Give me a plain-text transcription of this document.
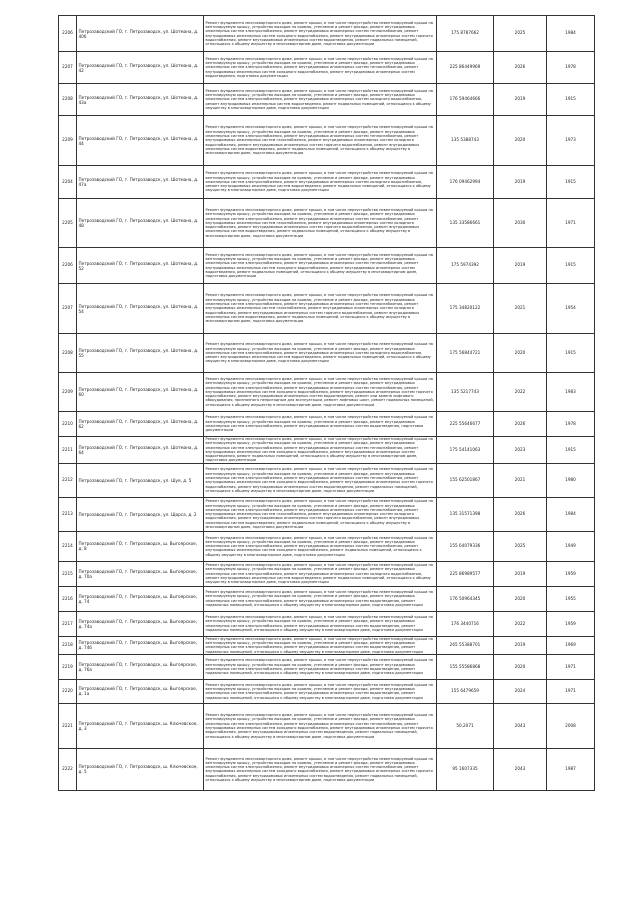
2206	Петрозаводский ГО, г. Петрозаводск, ул. Шотмана, д. 40б	Ремонт фундамента многоквартирного дома, ремонт крыши, в том числе переустройство невентилируемой крыши на вентилируемую крышу, устройство выходов на кровлю, утепление и ремонт фасада, ремонт внутридомовых инженерных систем электроснабжения, ремонт внутридомовых инженерных систем теплоснабжения, ремонт внутридомовых инженерных систем холодного водоснабжения, ремонт внутридомовых инженерных систем горячего водоснабжения, ремонт внутридомовых инженерных систем водоотведения, ремонт подвальных помещений, относящихся к общему имуществу в многоквартирном доме, подготовка документации	175 8787662	2025	1984
2207	Петрозаводский ГО, г. Петрозаводск, ул. Шотмана, д. 42	Ремонт фундамента многоквартирного дома, ремонт крыши, в том числе переустройство невентилируемой крыши на вентилируемую крышу, устройство выходов на кровлю, утепление и ремонт фасада, ремонт внутридомовых инженерных систем электроснабжения, ремонт внутридомовых инженерных систем теплоснабжения, ремонт внутридомовых инженерных систем холодного водоснабжения, ремонт внутридомовых инженерных систем водоотведения, подготовка документации	225 86449969	2026	1978
2208	Петрозаводский ГО, г. Петрозаводск, ул. Шотмана, д. 43а	Ремонт фундамента многоквартирного дома, ремонт крыши, в том числе переустройство невентилируемой крыши на вентилируемую крышу, устройство выходов на кровлю, утепление и ремонт фасада, ремонт внутридомовых инженерных систем электроснабжения, ремонт внутридомовых инженерных систем холодного водоснабжения, ремонт внутридомовых инженерных систем водоотведения, ремонт подвальных помещений, относящихся к общему имуществу в многоквартирном доме, подготовка документации	176 59464666	2019	1915
2209	Петрозаводский ГО, г. Петрозаводск, ул. Шотмана, д. 44	Ремонт фундамента многоквартирного дома, ремонт крыши, в том числе переустройство невентилируемой крыши на вентилируемую крышу, устройство выходов на кровлю, утепление и ремонт фасада, ремонт внутридомовых инженерных систем электроснабжения, ремонт внутридомовых инженерных систем теплоснабжения, ремонт внутридомовых инженерных систем газоснабжения, ремонт внутридомовых инженерных систем холодного водоснабжения, ремонт внутридомовых инженерных систем горячего водоснабжения, ремонт внутридомовых инженерных систем водоотведения, ремонт подвальных помещений, относящихся к общему имуществу в многоквартирном доме, подготовка документации	135 5388743	2020	1973
2204	Петрозаводский ГО, г. Петрозаводск, ул. Шотмана, д. 47а	Ремонт фундамента многоквартирного дома, ремонт крыши, в том числе переустройство невентилируемой крыши на вентилируемую крышу, устройство выходов на кровлю, утепление и ремонт фасада, ремонт внутридомовых инженерных систем электроснабжения, ремонт внутридомовых инженерных систем холодного водоснабжения, ремонт внутридомовых инженерных систем водоотведения, ремонт подвальных помещений, относящихся к общему имуществу в многоквартирном доме, подготовка документации	176 09462994	2019	1915
2205	Петрозаводский ГО, г. Петрозаводск, ул. Шотмана, д. 48	Ремонт фундамента многоквартирного дома, ремонт крыши, в том числе переустройство невентилируемой крыши на вентилируемую крышу, устройство выходов на кровлю, утепление и ремонт фасада, ремонт внутридомовых инженерных систем электроснабжения, ремонт внутридомовых инженерных систем теплоснабжения, ремонт внутридомовых инженерных систем газоснабжения, ремонт внутридомовых инженерных систем холодного водоснабжения, ремонт внутридомовых инженерных систем горячего водоснабжения, ремонт внутридомовых инженерных систем водоотведения, ремонт подвальных помещений, относящихся к общему имуществу в многоквартирном доме, подготовка документации	135 33586661	2030	1971
2206	Петрозаводский ГО, г. Петрозаводск, ул. Шотмана, д. 52	Ремонт фундамента многоквартирного дома, ремонт крыши, в том числе переустройство невентилируемой крыши на вентилируемую крышу, устройство выходов на кровлю, утепление и ремонт фасада, ремонт внутридомовых инженерных систем электроснабжения, ремонт внутридомовых инженерных систем теплоснабжения, ремонт внутридомовых инженерных систем холодного водоснабжения, ремонт внутридомовых инженерных систем водоотведения, ремонт подвальных помещений, относящихся к общему имуществу в многоквартирном доме, подготовка документации	175 5974392	2019	1915
2207	Петрозаводский ГО, г. Петрозаводск, ул. Шотмана, д. 54	Ремонт фундамента многоквартирного дома, ремонт крыши, в том числе переустройство невентилируемой крыши на вентилируемую крышу, устройство выходов на кровлю, утепление и ремонт фасада, ремонт внутридомовых инженерных систем электроснабжения, ремонт внутридомовых инженерных систем теплоснабжения, ремонт внутридомовых инженерных систем газоснабжения, ремонт внутридомовых инженерных систем холодного водоснабжения, ремонт внутридомовых инженерных систем горячего водоснабжения, ремонт внутридомовых инженерных систем водоотведения, ремонт подвальных помещений, относящихся к общему имуществу в многоквартирном доме, подготовка документации	175 34820122	2021	1954
2208	Петрозаводский ГО, г. Петрозаводск, ул. Шотмана, д. 55	Ремонт фундамента многоквартирного дома, ремонт крыши, в том числе переустройство невентилируемой крыши на вентилируемую крышу, устройство выходов на кровлю, утепление и ремонт фасада, ремонт внутридомовых инженерных систем электроснабжения, ремонт внутридомовых инженерных систем холодного водоснабжения, ремонт внутридомовых инженерных систем водоотведения, ремонт подвальных помещений, относящихся к общему имуществу в многоквартирном доме, подготовка документации	175 56844721	2020	1915
2209	Петрозаводский ГО, г. Петрозаводск, ул. Шотмана, д. 60	Ремонт фундамента многоквартирного дома, ремонт крыши, в том числе переустройство невентилируемой крыши на вентилируемую крышу, устройство выходов на кровлю, утепление и ремонт фасада, ремонт внутридомовых инженерных систем электроснабжения, ремонт внутридомовых инженерных систем теплоснабжения, ремонт внутридомовых инженерных систем холодного водоснабжения, ремонт внутридомовых инженерных систем горячего водоснабжения, ремонт внутридомовых инженерных систем водоотведения, ремонт или замена лифтового оборудования, признанного непригодным для эксплуатации, ремонт лифтовых шахт, ремонт подвальных помещений, относящихся к общему имуществу в многоквартирном доме, подготовка документации	135 5217743	2022	1983
2210	Петрозаводский ГО, г. Петрозаводск, ул. Шотмана, д. 62	Ремонт фундамента многоквартирного дома, ремонт крыши, в том числе переустройство невентилируемой крыши на вентилируемую крышу, устройство выходов на кровлю, утепление и ремонт фасада, ремонт внутридомовых инженерных систем электроснабжения, ремонт внутридомовых инженерных систем водоотведения, подготовка документации	225 55646677	2026	1978
2211	Петрозаводский ГО, г. Петрозаводск, ул. Шотмана, д. 64	Ремонт фундамента многоквартирного дома, ремонт крыши, в том числе переустройство невентилируемой крыши на вентилируемую крышу, устройство выходов на кровлю, утепление и ремонт фасада, ремонт внутридомовых инженерных систем электроснабжения, ремонт внутридомовых инженерных систем теплоснабжения, ремонт внутридомовых инженерных систем холодного водоснабжения, ремонт внутридомовых инженерных систем водоотведения, ремонт подвальных помещений, относящихся к общему имуществу в многоквартирном доме, подготовка документации	175 54141063	2023	1915
2212	Петрозаводский ГО, г. Петрозаводск, ул. Шуя, д. 5	Ремонт фундамента многоквартирного дома, ремонт крыши, в том числе переустройство невентилируемой крыши на вентилируемую крышу, устройство выходов на кровлю, утепление и ремонт фасада, ремонт внутридомовых инженерных систем электроснабжения, ремонт внутридомовых инженерных систем теплоснабжения, ремонт внутридомовых инженерных систем холодного водоснабжения, ремонт внутридомовых инженерных систем горячего водоснабжения, ремонт внутридомовых инженерных систем водоотведения, ремонт подвальных помещений, относящихся к общему имуществу в многоквартирном доме, подготовка документации	155 62501867	2021	1980
2213	Петрозаводский ГО, г. Петрозаводск, ул. Щорса, д. 2	Ремонт фундамента многоквартирного дома, ремонт крыши, в том числе переустройство невентилируемой крыши на вентилируемую крышу, устройство выходов на кровлю, утепление и ремонт фасада, ремонт внутридомовых инженерных систем электроснабжения, ремонт внутридомовых инженерных систем теплоснабжения, ремонт внутридомовых инженерных систем газоснабжения, ремонт внутридомовых инженерных систем холодного водоснабжения, ремонт внутридомовых инженерных систем горячего водоснабжения, ремонт внутридомовых инженерных систем водоотведения, ремонт подвальных помещений, относящихся к общему имуществу в многоквартирном доме, подготовка документации	135 31571398	2026	1984
2214	Петрозаводский ГО, г. Петрозаводск, ш. Выгоярское, д. 8	Ремонт фундамента многоквартирного дома, ремонт крыши, в том числе переустройство невентилируемой крыши на вентилируемую крышу, устройство выходов на кровлю, утепление и ремонт фасада, ремонт внутридомовых инженерных систем электроснабжения, ремонт внутридомовых инженерных систем теплоснабжения, ремонт внутридомовых инженерных систем холодного водоснабжения, ремонт подвальных помещений, относящихся к общему имуществу в многоквартирном доме, подготовка документации	155 64079336	2025	1949
2215	Петрозаводский ГО, г. Петрозаводск, ш. Выгоярское, д. 70а	Ремонт фундамента многоквартирного дома, ремонт крыши, в том числе переустройство невентилируемой крыши на вентилируемую крышу, устройство выходов на кровлю, утепление и ремонт фасада, ремонт внутридомовых инженерных систем электроснабжения, ремонт внутридомовых инженерных систем холодного водоснабжения, ремонт внутридомовых инженерных систем водоотведения, ремонт подвальных помещений, относящихся к общему имуществу в многоквартирном доме, подготовка документации	225 86989577	2019	1959
2216	Петрозаводский ГО, г. Петрозаводск, ш. Выгоярское, д. 74	Ремонт фундамента многоквартирного дома, ремонт крыши, в том числе переустройство невентилируемой крыши на вентилируемую крышу, устройство выходов на кровлю, утепление и ремонт фасада, ремонт внутридомовых инженерных систем электроснабжения, ремонт внутридомовых инженерных систем водоотведения, ремонт подвальных помещений, относящихся к общему имуществу в многоквартирном доме, подготовка документации	176 50964345	2020	1955
2217	Петрозаводский ГО, г. Петрозаводск, ш. Выгоярское, д. 74а	Ремонт фундамента многоквартирного дома, ремонт крыши, в том числе переустройство невентилируемой крыши на вентилируемую крышу, устройство выходов на кровлю, утепление и ремонт фасада, ремонт внутридомовых инженерных систем электроснабжения, ремонт внутридомовых инженерных систем водоотведения, ремонт подвальных помещений, относящихся к общему имуществу в многоквартирном доме, подготовка документации	176 3440716	2022	1959
2218	Петрозаводский ГО, г. Петрозаводск, ш. Выгоярское, д. 74б	Ремонт фундамента многоквартирного дома, ремонт крыши, в том числе переустройство невентилируемой крыши на вентилируемую крышу, устройство выходов на кровлю, утепление и ремонт фасада, ремонт внутридомовых инженерных систем электроснабжения, ремонт внутридомовых инженерных систем водоотведения, ремонт подвальных помещений, относящихся к общему имуществу в многоквартирном доме, подготовка документации	265 55388701	2019	1969
2219	Петрозаводский ГО, г. Петрозаводск, ш. Выгоярское, д. 76а	Ремонт фундамента многоквартирного дома, ремонт крыши, в том числе переустройство невентилируемой крыши на вентилируемую крышу, устройство выходов на кровлю, утепление и ремонт фасада, ремонт внутридомовых инженерных систем электроснабжения, ремонт внутридомовых инженерных систем водоотведения, ремонт подвальных помещений, относящихся к общему имуществу в многоквартирном доме, подготовка документации	155 55586868	2020	1971
2220	Петрозаводский ГО, г. Петрозаводск, ш. Выгоярское, д. 1а	Ремонт фундамента многоквартирного дома, ремонт крыши, в том числе переустройство невентилируемой крыши на вентилируемую крышу, устройство выходов на кровлю, утепление и ремонт фасада, ремонт внутридомовых инженерных систем электроснабжения, ремонт внутридомовых инженерных систем водоотведения, ремонт подвальных помещений, относящихся к общему имуществу в многоквартирном доме, подготовка документации	155 6479659	2024	1971
2221	Петрозаводский ГО, г. Петрозаводск, ш. Ключевское, д. 3	Ремонт фундамента многоквартирного дома, ремонт крыши, в том числе переустройство невентилируемой крыши на вентилируемую крышу, устройство выходов на кровлю, утепление и ремонт фасада, ремонт внутридомовых инженерных систем электроснабжения, ремонт внутридомовых инженерных систем теплоснабжения, ремонт внутридомовых инженерных систем холодного водоснабжения, ремонт внутридомовых инженерных систем горячего водоснабжения, ремонт внутридомовых инженерных систем водоотведения, ремонт подвальных помещений, относящихся к общему имуществу в многоквартирном доме, подготовка документации	50.2071	2043	2008
2222	Петрозаводский ГО, г. Петрозаводск, ш. Ключевское, д. 5	Ремонт фундамента многоквартирного дома, ремонт крыши, в том числе переустройство невентилируемой крыши на вентилируемую крышу, устройство выходов на кровлю, утепление и ремонт фасада, ремонт внутридомовых инженерных систем электроснабжения, ремонт внутридомовых инженерных систем теплоснабжения, ремонт внутридомовых инженерных систем холодного водоснабжения, ремонт внутридомовых инженерных систем горячего водоснабжения, ремонт внутридомовых инженерных систем водоотведения, ремонт подвальных помещений, относящихся к общему имуществу в многоквартирном доме, подготовка документации	95 1607335	2043	1987
